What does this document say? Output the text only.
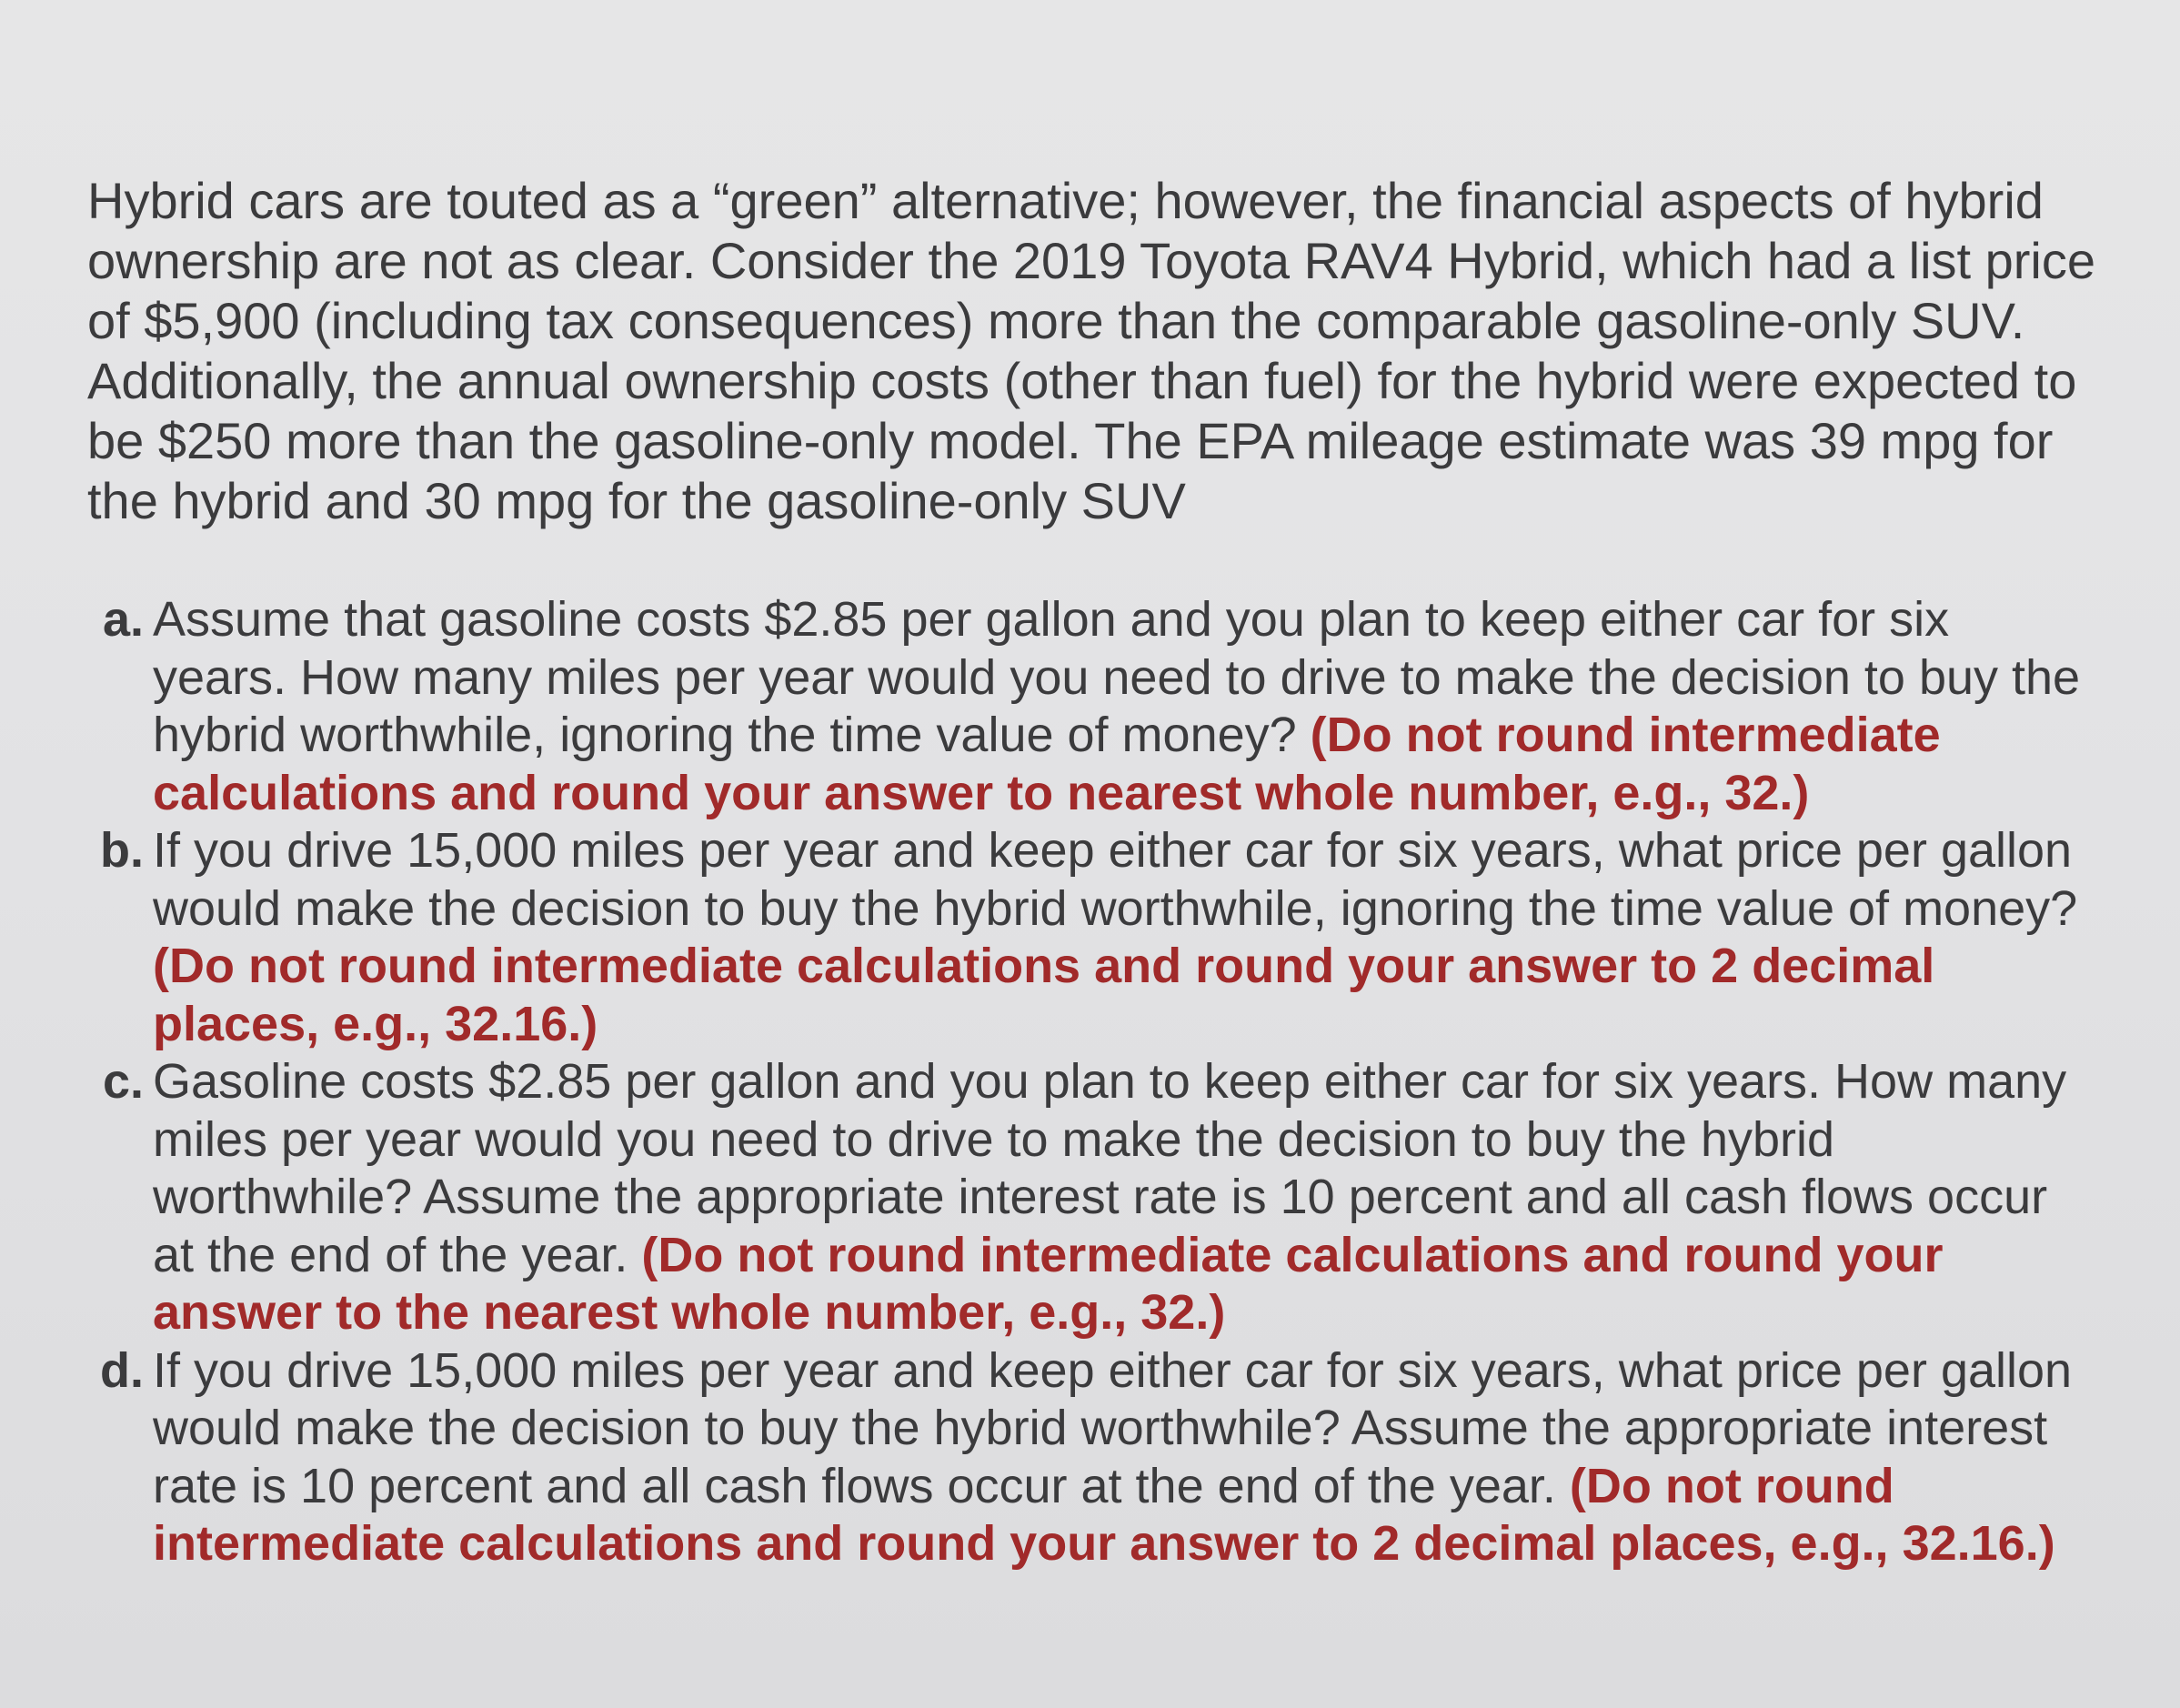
Hybrid cars are touted as a “green” alternative; however, the financial aspects of hybrid ownership are not as clear. Consider the 2019 Toyota RAV4 Hybrid, which had a list price of $5,900 (including tax consequences) more than the comparable gasoline-only SUV. Additionally, the annual ownership costs (other than fuel) for the hybrid were expected to be $250 more than the gasoline-only model. The EPA mileage estimate was 39 mpg for the hybrid and 30 mpg for the gasoline-only SUV

a. Assume that gasoline costs $2.85 per gallon and you plan to keep either car for six years. How many miles per year would you need to drive to make the decision to buy the hybrid worthwhile, ignoring the time value of money? (Do not round intermediate calculations and round your answer to nearest whole number, e.g., 32.)
b. If you drive 15,000 miles per year and keep either car for six years, what price per gallon would make the decision to buy the hybrid worthwhile, ignoring the time value of money? (Do not round intermediate calculations and round your answer to 2 decimal places, e.g., 32.16.)
c. Gasoline costs $2.85 per gallon and you plan to keep either car for six years. How many miles per year would you need to drive to make the decision to buy the hybrid worthwhile? Assume the appropriate interest rate is 10 percent and all cash flows occur at the end of the year. (Do not round intermediate calculations and round your answer to the nearest whole number, e.g., 32.)
d. If you drive 15,000 miles per year and keep either car for six years, what price per gallon would make the decision to buy the hybrid worthwhile? Assume the appropriate interest rate is 10 percent and all cash flows occur at the end of the year. (Do not round intermediate calculations and round your answer to 2 decimal places, e.g., 32.16.)
